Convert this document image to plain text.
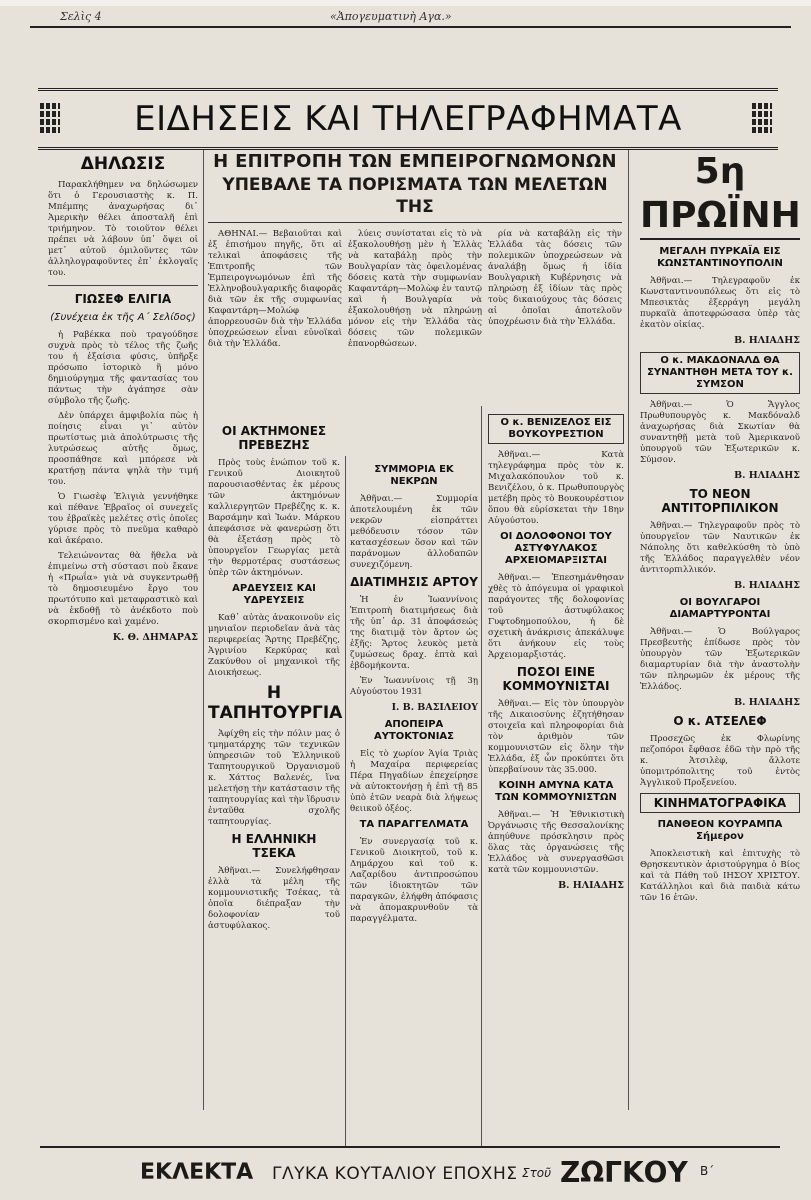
Σελὶς 4	«Ἀπογευματινὴ Αγα.»
ΕΙΔΗΣΕΙΣ ΚΑΙ ΤΗΛΕΓΡΑΦΗΜΑΤΑ
ΔΗΛΩΣΙΣ

Παρακλήθημεν να δηλώσωμεν ὅτι ὁ Γερουσιαστὴς κ. Π. Μπέμπης ἀναχωρήσας δι᾽ Ἀμερικὴν θέλει ἀποσταλῆ ἐπὶ τριήμηνον. Τὸ τοιοῦτον θέλει πρέπει νὰ λάβουν ὑπ᾽ ὄψει οἱ μετ᾽ αὐτοῦ ὁμιλοῦντες τῶν ἀλληλογραφοῦντες ἐπ᾽ ἐκλογαῖς του.

ΓΙΩΣΕΦ ΕΛΙΓΙΑ
(Συνέχεια ἐκ τῆς Α΄ Σελίδος)

ἡ Ραβέκκα ποὺ τραγούδησε συχνὰ πρὸς τὸ τέλος τῆς ζωῆς του ἡ ἐξαίσια φύσις, ὑπῆρξε πρόσωπο ἱστορικὸ ἢ μόνο δημιούργημα τῆς φαντασίας του πάντως τὴν ἀγάπησε σὰν σύμβολο τῆς ζωῆς.

Δὲν ὑπάρχει ἀμφιβολία πὼς ἡ ποίησις εἶναι γι᾽ αὐτὸν πρωτίστως μιὰ ἀπολύτρωσις τῆς λυτρώσεως αὐτῆς ὅμως, προσπάθησε καὶ μπόρεσε νὰ κρατήσῃ πάντα ψηλὰ τὴν τιμή του.

Ὁ Γιωσὲφ Ἐλιγιὰ γεννήθηκε καὶ πέθανε Ἑβραῖος οἱ συνεχεῖς του ἐβραϊκὲς μελέτες στὶς ὁποῖες γύρισε πρὸς τὸ πνεῦμα καθαρὸ καὶ ἀκέραιο.

Τελειώνοντας θὰ ἤθελα νὰ ἐπιμείνω στὴ σύστασι ποὺ ἔκανε ἡ «Πρωΐα» γιὰ νὰ συγκεντρωθῇ τὸ δημοσιευμένο ἔργο του πρωτότυπο καὶ μεταφραστικὸ καὶ νὰ ἐκδοθῇ τὸ ἀνέκδοτο ποὺ σκορπισμένο καὶ χαμένο.

Κ. Θ. ΔΗΜΑΡΑΣ
Η ΕΠΙΤΡΟΠΗ ΤΩΝ ΕΜΠΕΙΡΟΓΝΩΜΟΝΩΝ
ΥΠΕΒΑΛΕ ΤΑ ΠΟΡΙΣΜΑΤΑ ΤΩΝ ΜΕΛΕΤΩΝ ΤΗΣ

ΑΘΗΝΑΙ.— Βεβαιοῦται καὶ ἐξ ἐπισήμου πηγῆς, ὅτι αἱ τελικαὶ ἀποφάσεις τῆς Ἐπιτροπῆς τῶν Ἐμπειρογνωμόνων ἐπὶ τῆς Ἑλληνοβουλγαρικῆς διαφορᾶς διὰ τῶν ἐκ τῆς συμφωνίας Καφαντάρη—Μολώφ ἀπορρεουσῶν διὰ τὴν Ἑλλάδα ὑποχρεώσεων εἶναι εὐνοϊκαὶ διὰ τὴν Ἑλλάδα.

λύεις συνίσταται εἰς τὸ νὰ ἐξακολουθήσῃ μὲν ἡ Ἑλλὰς νὰ καταβάλῃ πρὸς τὴν Βουλγαρίαν τὰς ὀφειλομένας δόσεις κατὰ τὴν συμφωνίαν Καφαντάρη—Μολὼφ ἐν ταυτῷ καὶ ἡ Βουλγαρία νὰ ἐξακολουθήσῃ νὰ πληρώνῃ μόνον εἰς τὴν Ἑλλάδα τὰς δόσεις τῶν πολεμικῶν ἐπανορθώσεων.

ρία νὰ καταβάλῃ εἰς τὴν Ἑλλάδα τὰς δόσεις τῶν πολεμικῶν ὑποχρεώσεων νὰ ἀναλάβῃ ὅμως ἡ ἰδία Βουλγαρικὴ Κυβέρνησις νὰ πληρώσῃ ἐξ ἰδίων τὰς πρὸς τοὺς δικαιούχους τὰς δόσεις αἱ ὁποῖαι ἀποτελοῦν ὑποχρέωσιν διὰ τὴν Ἑλλάδα.

ΟΙ ΑΚΤΗΜΟΝΕΣ ΠΡΕΒΕΖΗΣ

Πρὸς τοὺς ἐνώπιον τοῦ κ. Γενικοῦ Διοικητοῦ παρουσιασθέντας ἐκ μέρους τῶν ἀκτημόνων καλλιεργητῶν Πρεβέζης κ. κ. Βαρσάμην καὶ Ἰωάν. Μάρκου ἀπεφάσισε νὰ φανερώσῃ ὅτι θὰ ἐξετάσῃ πρὸς τὸ ὑπουργεῖον Γεωργίας μετὰ τὴν θερμοτέρας συστάσεως ὑπὲρ τῶν ἀκτημόνων.

ΑΡΔΕΥΣΕΙΣ ΚΑΙ ΥΔΡΕΥΣΕΙΣ

Καθ᾽ αὐτὰς ἀνακοινοῦν εἰς μηνιαῖον περιοδεῖαν ἀνὰ τὰς περιφερείας Ἄρτης Πρεβέζης, Ἀγρινίου Κερκύρας καὶ Ζακύνθου οἱ μηχανικοὶ τῆς Διοικήσεως.

Η ΤΑΠΗΤΟΥΡΓΙΑ

Ἀφίχθη εἰς τὴν πόλιν μας ὁ τμηματάρχης τῶν τεχνικῶν ὑπηρεσιῶν τοῦ Ἑλληνικοῦ Ταπητουργικοῦ Ὀργανισμοῦ κ. Χάττος Βαλενές, ἵνα μελετήσῃ τὴν κατάστασιν τῆς ταπητουργίας καὶ τὴν ἵδρυσιν ἐνταῦθα σχολῆς ταπητουργίας.

Η ΕΛΛΗΝΙΚΗ ΤΣΕΚΑ

Ἀθῆναι.— Συνελήφθησαν ἐλλὰ τὰ μέλη τῆς κομμουνιστικῆς Τσέκας, τὰ ὁποῖα διέπραξαν τὴν δολοφονίαν τοῦ ἀστυφύλακος.

ΣΥΜΜΟΡΙΑ ΕΚ ΝΕΚΡΩΝ

Ἀθῆναι.— Συμμορία ἀποτελουμένη ἐκ τῶν νεκρῶν εἰσπράττει μεθόδευσιν τόσον τῶν κατασχέσεων ὅσον καὶ τῶν παράνομων ἀλλοδαπῶν συνεχιζόμενη.

ΔΙΑΤΙΜΗΣΙΣ ΑΡΤΟΥ

Ἡ ἐν Ἰωαννίνοις Ἐπιτροπὴ διατιμήσεως διὰ τῆς ὑπ᾽ ἀρ. 31 ἀποφάσεώς της διατιμᾷ τὸν ἄρτον ὡς ἑξῆς: Ἄρτος λευκὸς μετὰ ζυμώσεως δραχ. ἑπτὰ καὶ ἑβδομήκοντα.

Ἐν Ἰωαννίνοις τῇ 3ῃ Αὐγούστου 1931

Ι. Β. ΒΑΣΙΛΕΙΟΥ
ΑΠΟΠΕΙΡΑ ΑΥΤΟΚΤΟΝΙΑΣ

Εἰς τὸ χωρίον Ἁγία Τριὰς ἡ Μαχαίρα περιφερείας Πέρα Πηγαδίων ἐπεχείρησε νὰ αὐτοκτονήσῃ ἡ ἐπὶ τῇ 85 ὑπὸ ἐτῶν νεαρὰ διὰ λήψεως θειικοῦ ὀξέος.

ΤΑ ΠΑΡΑΓΓΕΛΜΑΤΑ

Ἐν συνεργασίᾳ τοῦ κ. Γενικοῦ Διοικητοῦ, τοῦ κ. Δημάρχου καὶ τοῦ κ. Λαζαρίδου ἀντιπροσώπου τῶν ἰδιοκτητῶν τῶν παραγκῶν, ἐλήφθη ἀπόφασις νὰ ἀπομακρυνθοῦν τὰ παραγγέλματα.

Ο κ. ΒΕΝΙΖΕΛΟΣ ΕΙΣ ΒΟΥΚΟΥΡΕΣΤΙΟΝ

Ἀθῆναι.— Κατὰ τηλεγράφημα πρὸς τὸν κ. Μιχαλακόπουλον τοῦ κ. Βενιζέλου, ὁ κ. Πρωθυπουργὸς μετέβη πρὸς τὸ Βουκουρέστιον ὅπου θὰ εὑρίσκεται τὴν 18ην Αὐγούστου.

ΟΙ ΔΟΛΟΦΟΝΟΙ ΤΟΥ ΑΣΤΥΦΥΛΑΚΟΣ ΑΡΧΕΙΟΜΑΡΞΙΣΤΑΙ

Ἀθῆναι.— Ἐπεσημάνθησαν χθὲς τὸ ἀπόγευμα οἱ γραφικοὶ παράγοντες τῆς δολοφονίας τοῦ ἀστυφύλακος Γυφτοδημοπούλου, ἡ δὲ σχετικὴ ἀνάκρισις ἀπεκάλυψε ὅτι ἀνήκουν εἰς τοὺς Ἀρχειομαρξιστάς.

ΠΟΣΟΙ ΕΙΝΕ ΚΟΜΜΟΥΝΙΣΤΑΙ

Ἀθῆναι.— Εἰς τὸν ὑπουργὸν τῆς Δικαιοσύνης ἐζητήθησαν στοιχεῖα καὶ πληροφορίαι διὰ τὸν ἀριθμὸν τῶν κομμουνιστῶν εἰς ὅλην τὴν Ἑλλάδα, ἐξ ὧν προκύπτει ὅτι ὑπερβαίνουν τὰς 35.000.

ΚΟΙΝΗ ΑΜΥΝΑ ΚΑΤΑ ΤΩΝ ΚΟΜΜΟΥΝΙΣΤΩΝ

Ἀθῆναι.— Ἡ Ἐθνικιστικὴ Ὀργάνωσις τῆς Θεσσαλονίκης ἀπηύθυνε πρόσκλησιν πρὸς ὅλας τὰς ὀργανώσεις τῆς Ἑλλάδος νὰ συνεργασθῶσι κατὰ τῶν κομμουνιστῶν.

Β. ΗΛΙΑΔΗΣ
5η ΠΡΩΪΝΗ
ΜΕΓΑΛΗ ΠΥΡΚΑΪΑ ΕΙΣ ΚΩΝΣΤΑΝΤΙΝΟΥΠΟΛΙΝ

Ἀθῆναι.— Τηλεγραφοῦν ἐκ Κωνσταντινουπόλεως ὅτι εἰς τὸ Μπεσικτὰς ἐξερράγη μεγάλη πυρκαϊὰ ἀποτεφρώσασα ὑπὲρ τὰς ἑκατὸν οἰκίας.

Β. ΗΛΙΑΔΗΣ
Ο κ. ΜΑΚΔΟΝΑΛΔ ΘΑ ΣΥΝΑΝΤΗΘΗ ΜΕΤΑ ΤΟΥ κ. ΣΥΜΣΟΝ

Ἀθῆναι.— Ὁ Ἄγγλος Πρωθυπουργὸς κ. Μακδόναλδ ἀναχωρήσας διὰ Σκωτίαν θὰ συναντηθῇ μετὰ τοῦ Ἀμερικανοῦ ὑπουργοῦ τῶν Ἐξωτερικῶν κ. Σύμσον.

Β. ΗΛΙΑΔΗΣ
ΤΟ ΝΕΟΝ ΑΝΤΙΤΟΡΠΙΛΙΚΟΝ

Ἀθῆναι.— Τηλεγραφοῦν πρὸς τὸ ὑπουργεῖον τῶν Ναυτικῶν ἐκ Νάπολης ὅτι καθελκύσθη τὸ ὑπὸ τῆς Ἑλλάδος παραγγελθὲν νέον ἀντιτορπιλλικόν.

Β. ΗΛΙΑΔΗΣ
ΟΙ ΒΟΥΛΓΑΡΟΙ ΔΙΑΜΑΡΤΥΡΟΝΤΑΙ

Ἀθῆναι.— Ὁ Βούλγαρος Πρεσβευτὴς ἐπίδωσε πρὸς τὸν ὑπουργὸν τῶν Ἐξωτερικῶν διαμαρτυρίαν διὰ τὴν ἀναστολὴν τῶν πληρωμῶν ἐκ μέρους τῆς Ἑλλάδος.

Β. ΗΛΙΑΔΗΣ
Ο κ. ΑΤΣΕΛΕΦ

Προσεχῶς ἐκ Φλωρίνης πεζοπόροι ἔφθασε ἐδῶ τὴν πρὸ τῆς κ. Ἀτσιλὲφ, ἄλλοτε ὑπομιτρόπολιτης τοῦ ἐντὸς Ἀγγλικοῦ Προξενείου.

ΚΙΝΗΜΑΤΟΓΡΑΦΙΚΑ
ΠΑΝΘΕΟΝ ΚΟΥΡΑΜΠΑ Σήμερον

Ἀποκλειστικὴ καὶ ἐπιτυχὴς τὸ Θρησκευτικὸν ἀριστούργημα ὁ Βίος καὶ τὰ Πάθη τοῦ ΙΗΣΟΥ ΧΡΙΣΤΟΥ. Κατάλληλοι καὶ διὰ παιδιὰ κάτω τῶν 16 ἐτῶν.

ΕΚΛΕΚΤΑ ΓΛΥΚΑ ΚΟΥΤΑΛΙΟΥ ΕΠΟΧΗΣ Στοῦ ΖΩΓΚΟΥ Β΄
